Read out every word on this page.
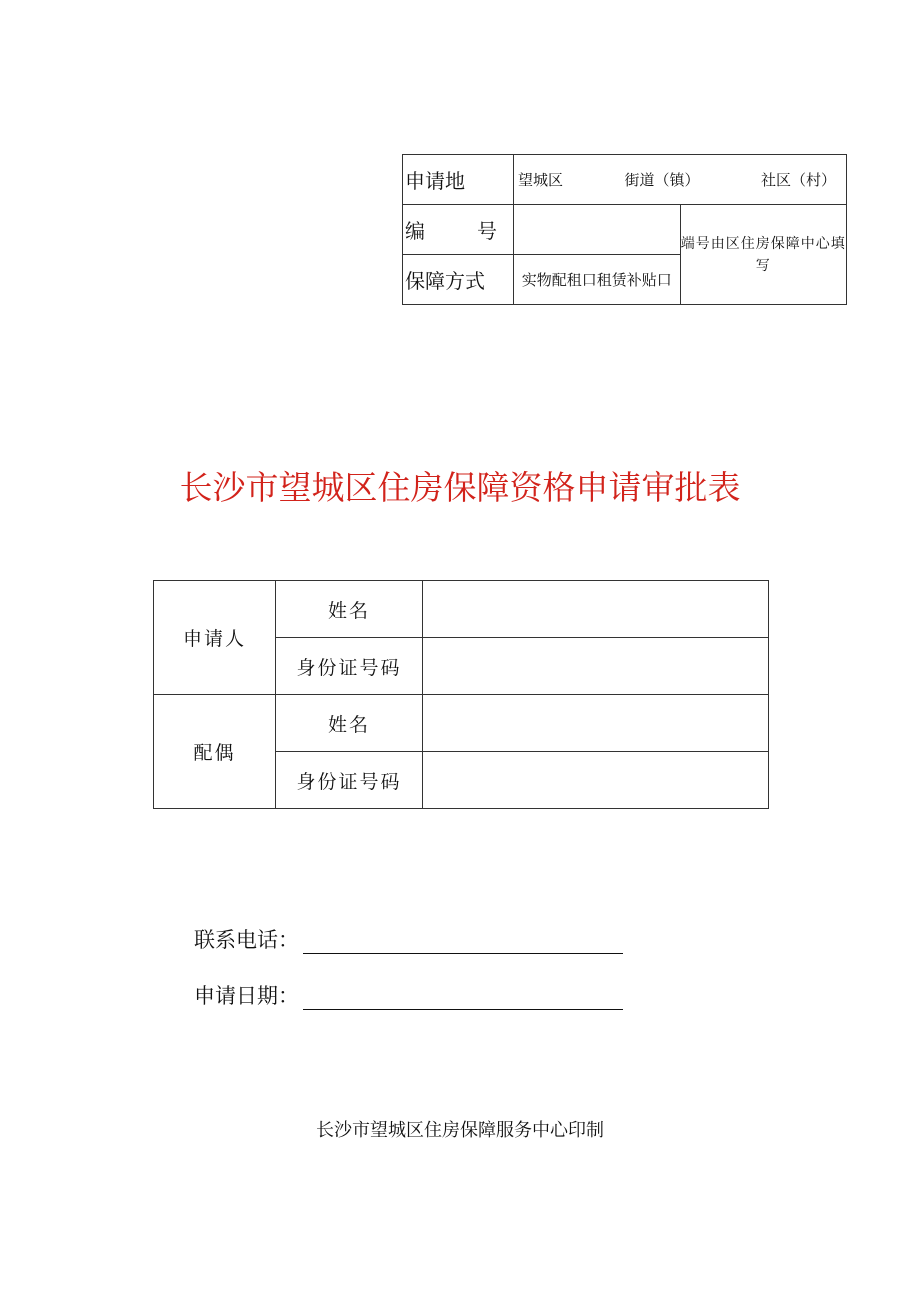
申请地	望城区 街道（镇） 社区（村）	

编 号		端号由区住房保障中心填写
保障方式	实物配租口租赁补贴口	
长沙市望城区住房保障资格申请审批表
申请人	姓名	
	身份证号码	
配偶	姓名	
	身份证号码	
联系电话：
申请日期：
长沙市望城区住房保障服务中心印制
